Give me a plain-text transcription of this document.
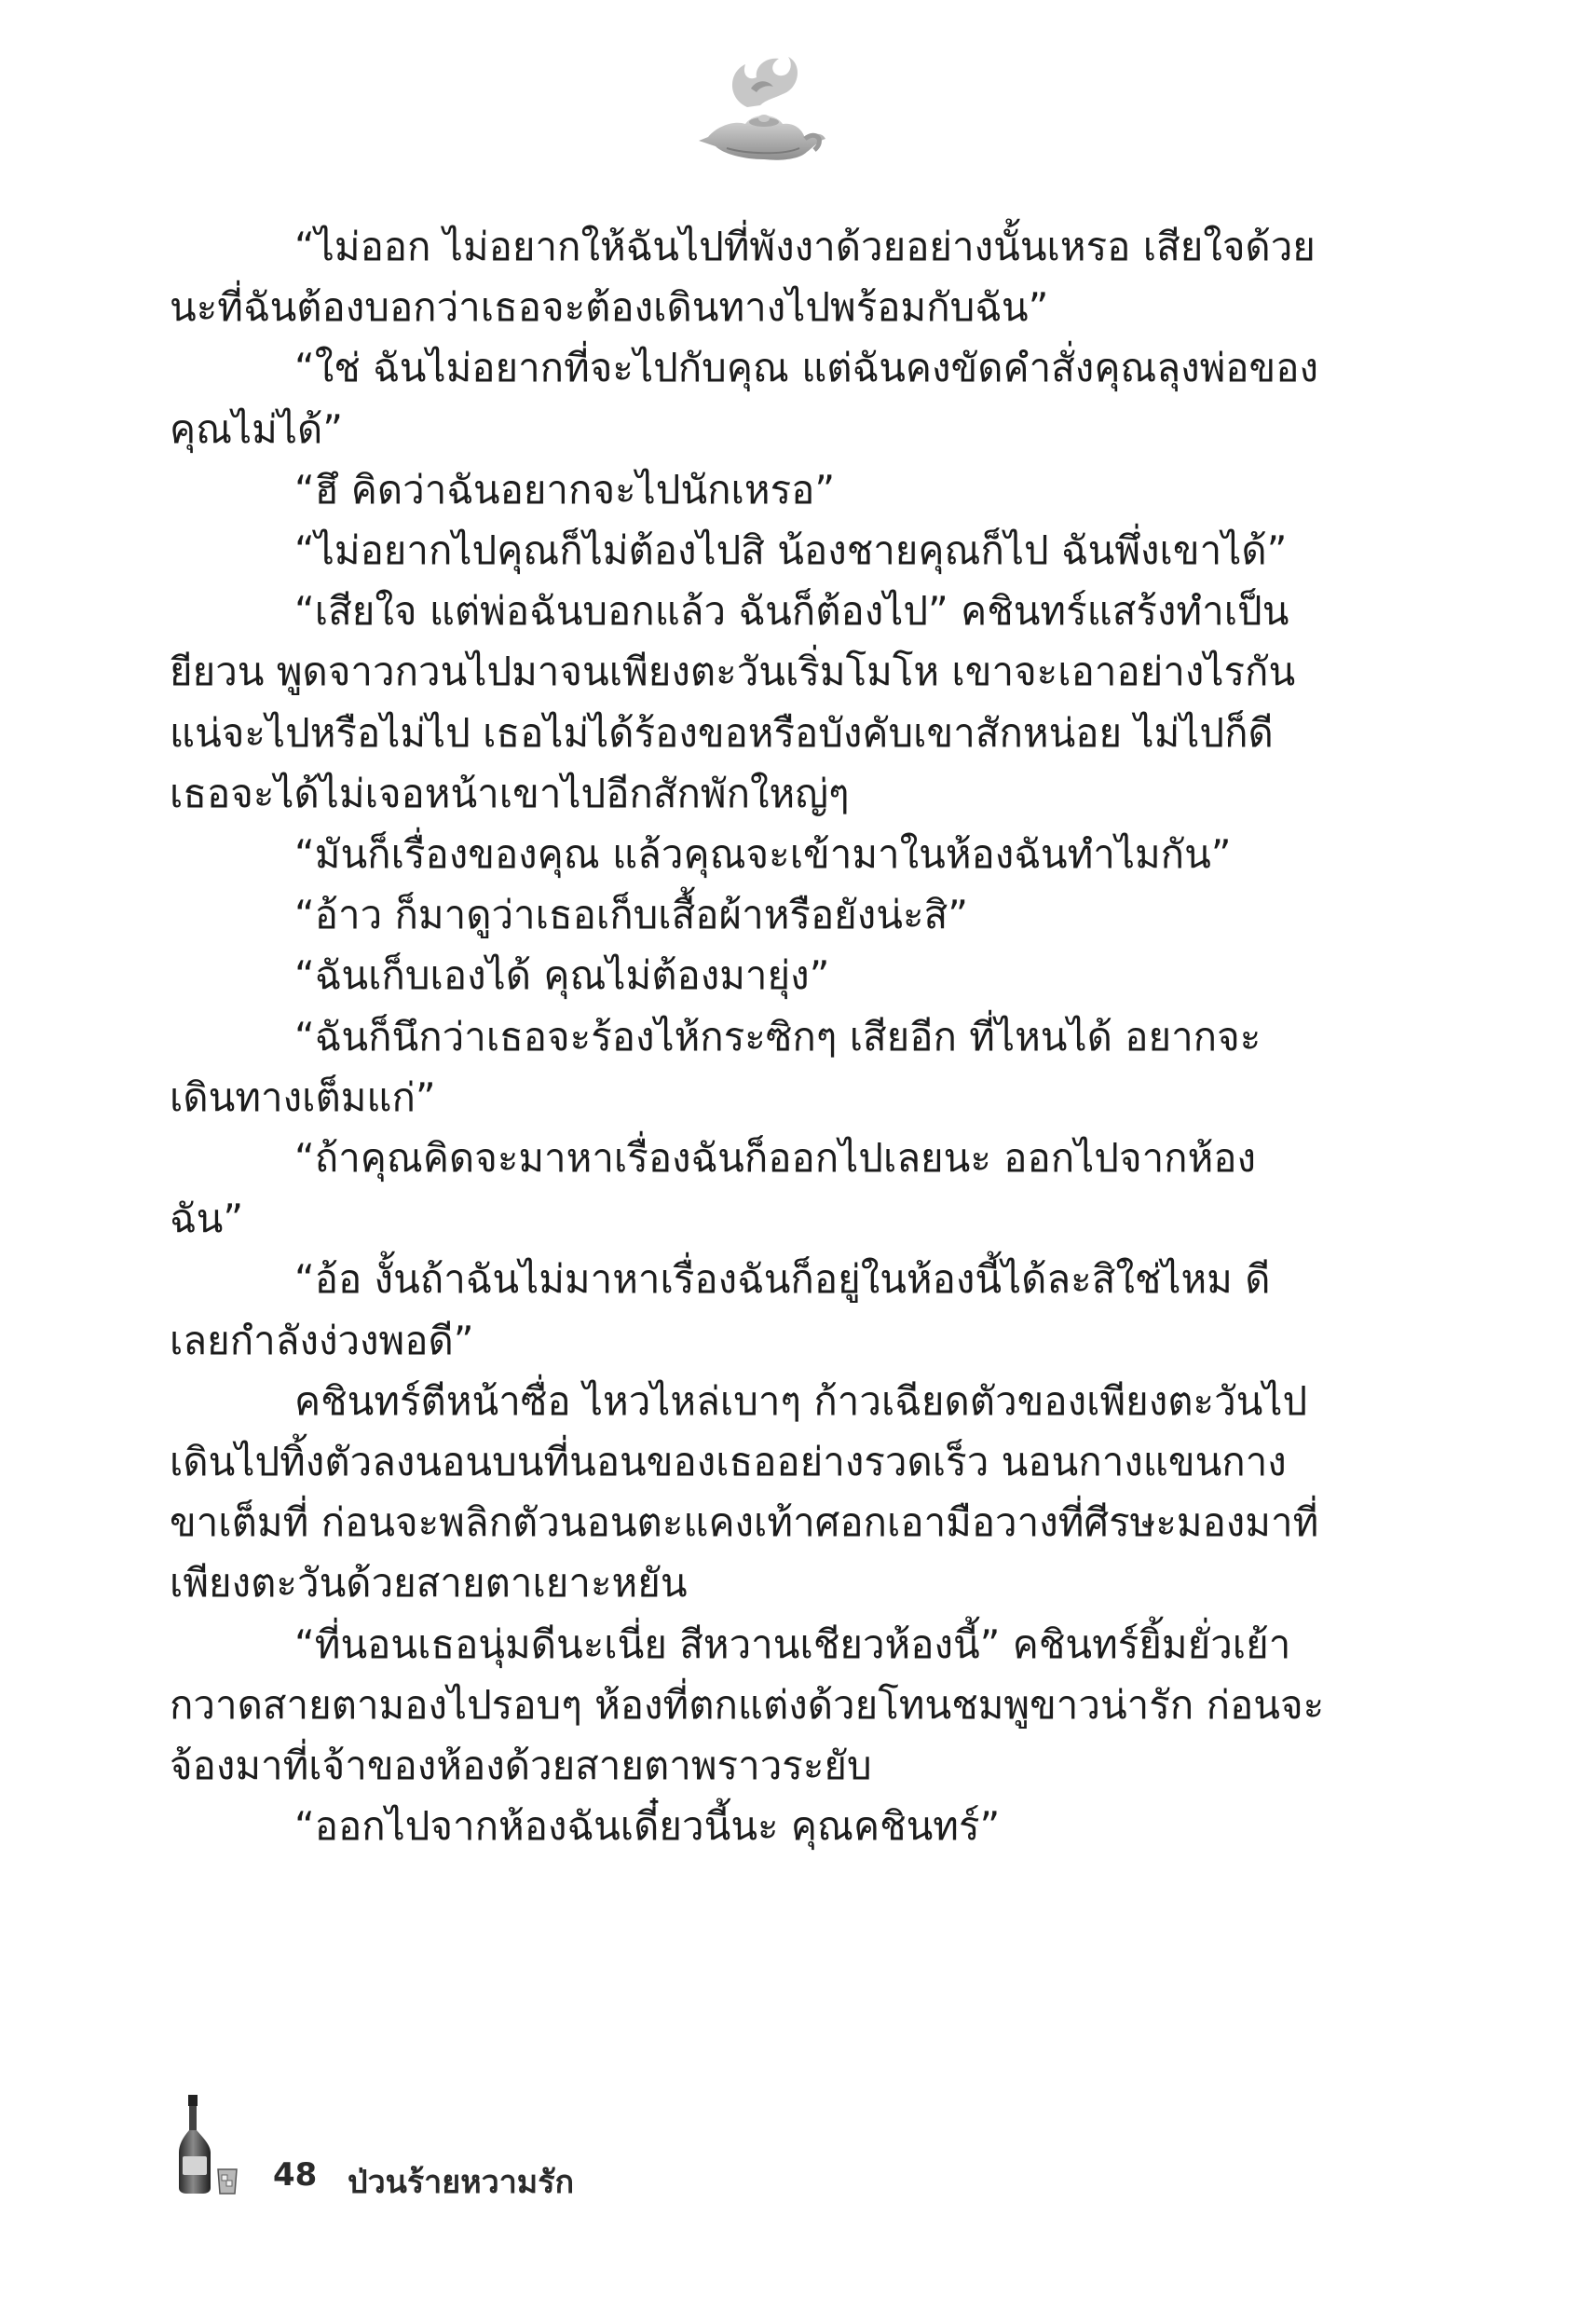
“ไม่ออก ไม่อยากให้ฉันไปที่พังงาด้วยอย่างนั้นเหรอ เสียใจด้วยนะที่ฉันต้องบอกว่าเธอจะต้องเดินทางไปพร้อมกับฉัน”

“ใช่ ฉันไม่อยากที่จะไปกับคุณ แต่ฉันคงขัดคำสั่งคุณลุงพ่อของคุณไม่ได้”

“ฮึ คิดว่าฉันอยากจะไปนักเหรอ”

“ไม่อยากไปคุณก็ไม่ต้องไปสิ น้องชายคุณก็ไป ฉันพึ่งเขาได้”

“เสียใจ แต่พ่อฉันบอกแล้ว ฉันก็ต้องไป” คชินทร์แสร้งทำเป็นยียวน พูดจาวกวนไปมาจนเพียงตะวันเริ่มโมโห เขาจะเอาอย่างไรกันแน่จะไปหรือไม่ไป เธอไม่ได้ร้องขอหรือบังคับเขาสักหน่อย ไม่ไปก็ดี เธอจะได้ไม่เจอหน้าเขาไปอีกสักพักใหญ่ๆ

“มันก็เรื่องของคุณ แล้วคุณจะเข้ามาในห้องฉันทำไมกัน”

“อ้าว ก็มาดูว่าเธอเก็บเสื้อผ้าหรือยังน่ะสิ”

“ฉันเก็บเองได้ คุณไม่ต้องมายุ่ง”

“ฉันก็นึกว่าเธอจะร้องไห้กระซิกๆ เสียอีก ที่ไหนได้ อยากจะเดินทางเต็มแก่”

“ถ้าคุณคิดจะมาหาเรื่องฉันก็ออกไปเลยนะ ออกไปจากห้องฉัน”

“อ้อ งั้นถ้าฉันไม่มาหาเรื่องฉันก็อยู่ในห้องนี้ได้ละสิใช่ไหม ดีเลยกำลังง่วงพอดี”

คชินทร์ตีหน้าซื่อ ไหวไหล่เบาๆ ก้าวเฉียดตัวของเพียงตะวันไปเดินไปทิ้งตัวลงนอนบนที่นอนของเธออย่างรวดเร็ว นอนกางแขนกางขาเต็มที่ ก่อนจะพลิกตัวนอนตะแคงเท้าศอกเอามือวางที่ศีรษะมองมาที่เพียงตะวันด้วยสายตาเยาะหยัน

“ที่นอนเธอนุ่มดีนะเนี่ย สีหวานเชียวห้องนี้” คชินทร์ยิ้มยั่วเย้ากวาดสายตามองไปรอบๆ ห้องที่ตกแต่งด้วยโทนชมพูขาวน่ารัก ก่อนจะจ้องมาที่เจ้าของห้องด้วยสายตาพราวระยับ

“ออกไปจากห้องฉันเดี๋ยวนี้นะ คุณคชินทร์”

48 ป่วนร้ายหวามรัก
